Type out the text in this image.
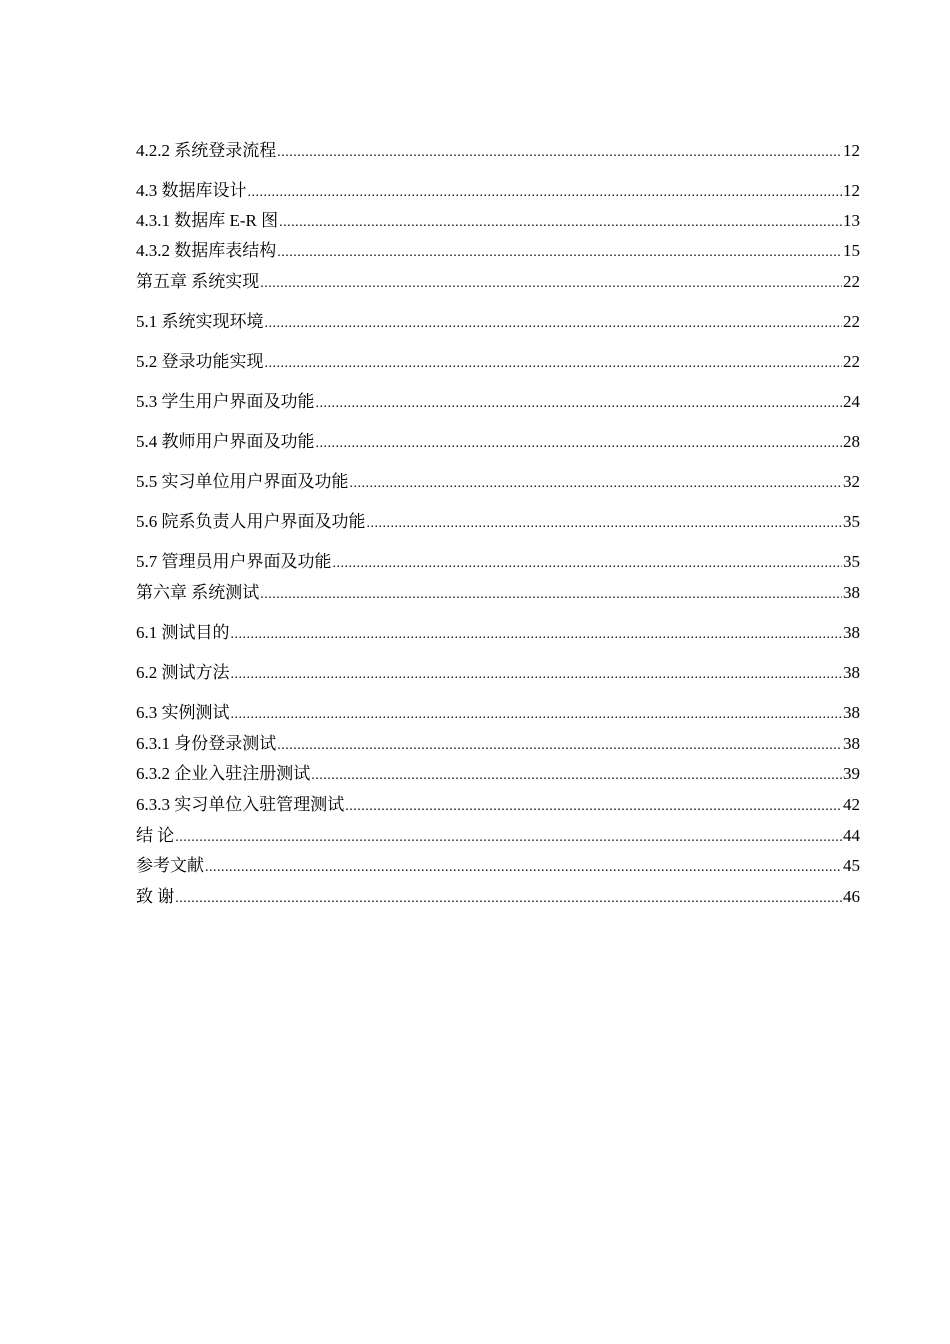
4.2.2 系统登录流程 .....	12
4.3 数据库设计 .....	12
4.3.1 数据库 E-R 图 .....	13
4.3.2 数据库表结构 .....	15
第五章 系统实现 .....	22
5.1 系统实现环境 .....	22
5.2 登录功能实现 .....	22
5.3 学生用户界面及功能 .....	24
5.4 教师用户界面及功能 .....	28
5.5 实习单位用户界面及功能 .....	32
5.6 院系负责人用户界面及功能 .....	35
5.7 管理员用户界面及功能 .....	35
第六章 系统测试 .....	38
6.1 测试目的 .....	38
6.2 测试方法 .....	38
6.3 实例测试 .....	38
6.3.1 身份登录测试 .....	38
6.3.2 企业入驻注册测试 .....	39
6.3.3 实习单位入驻管理测试 .....	42
结 论 .....	44
参考文献 .....	45
致 谢 .....	46
